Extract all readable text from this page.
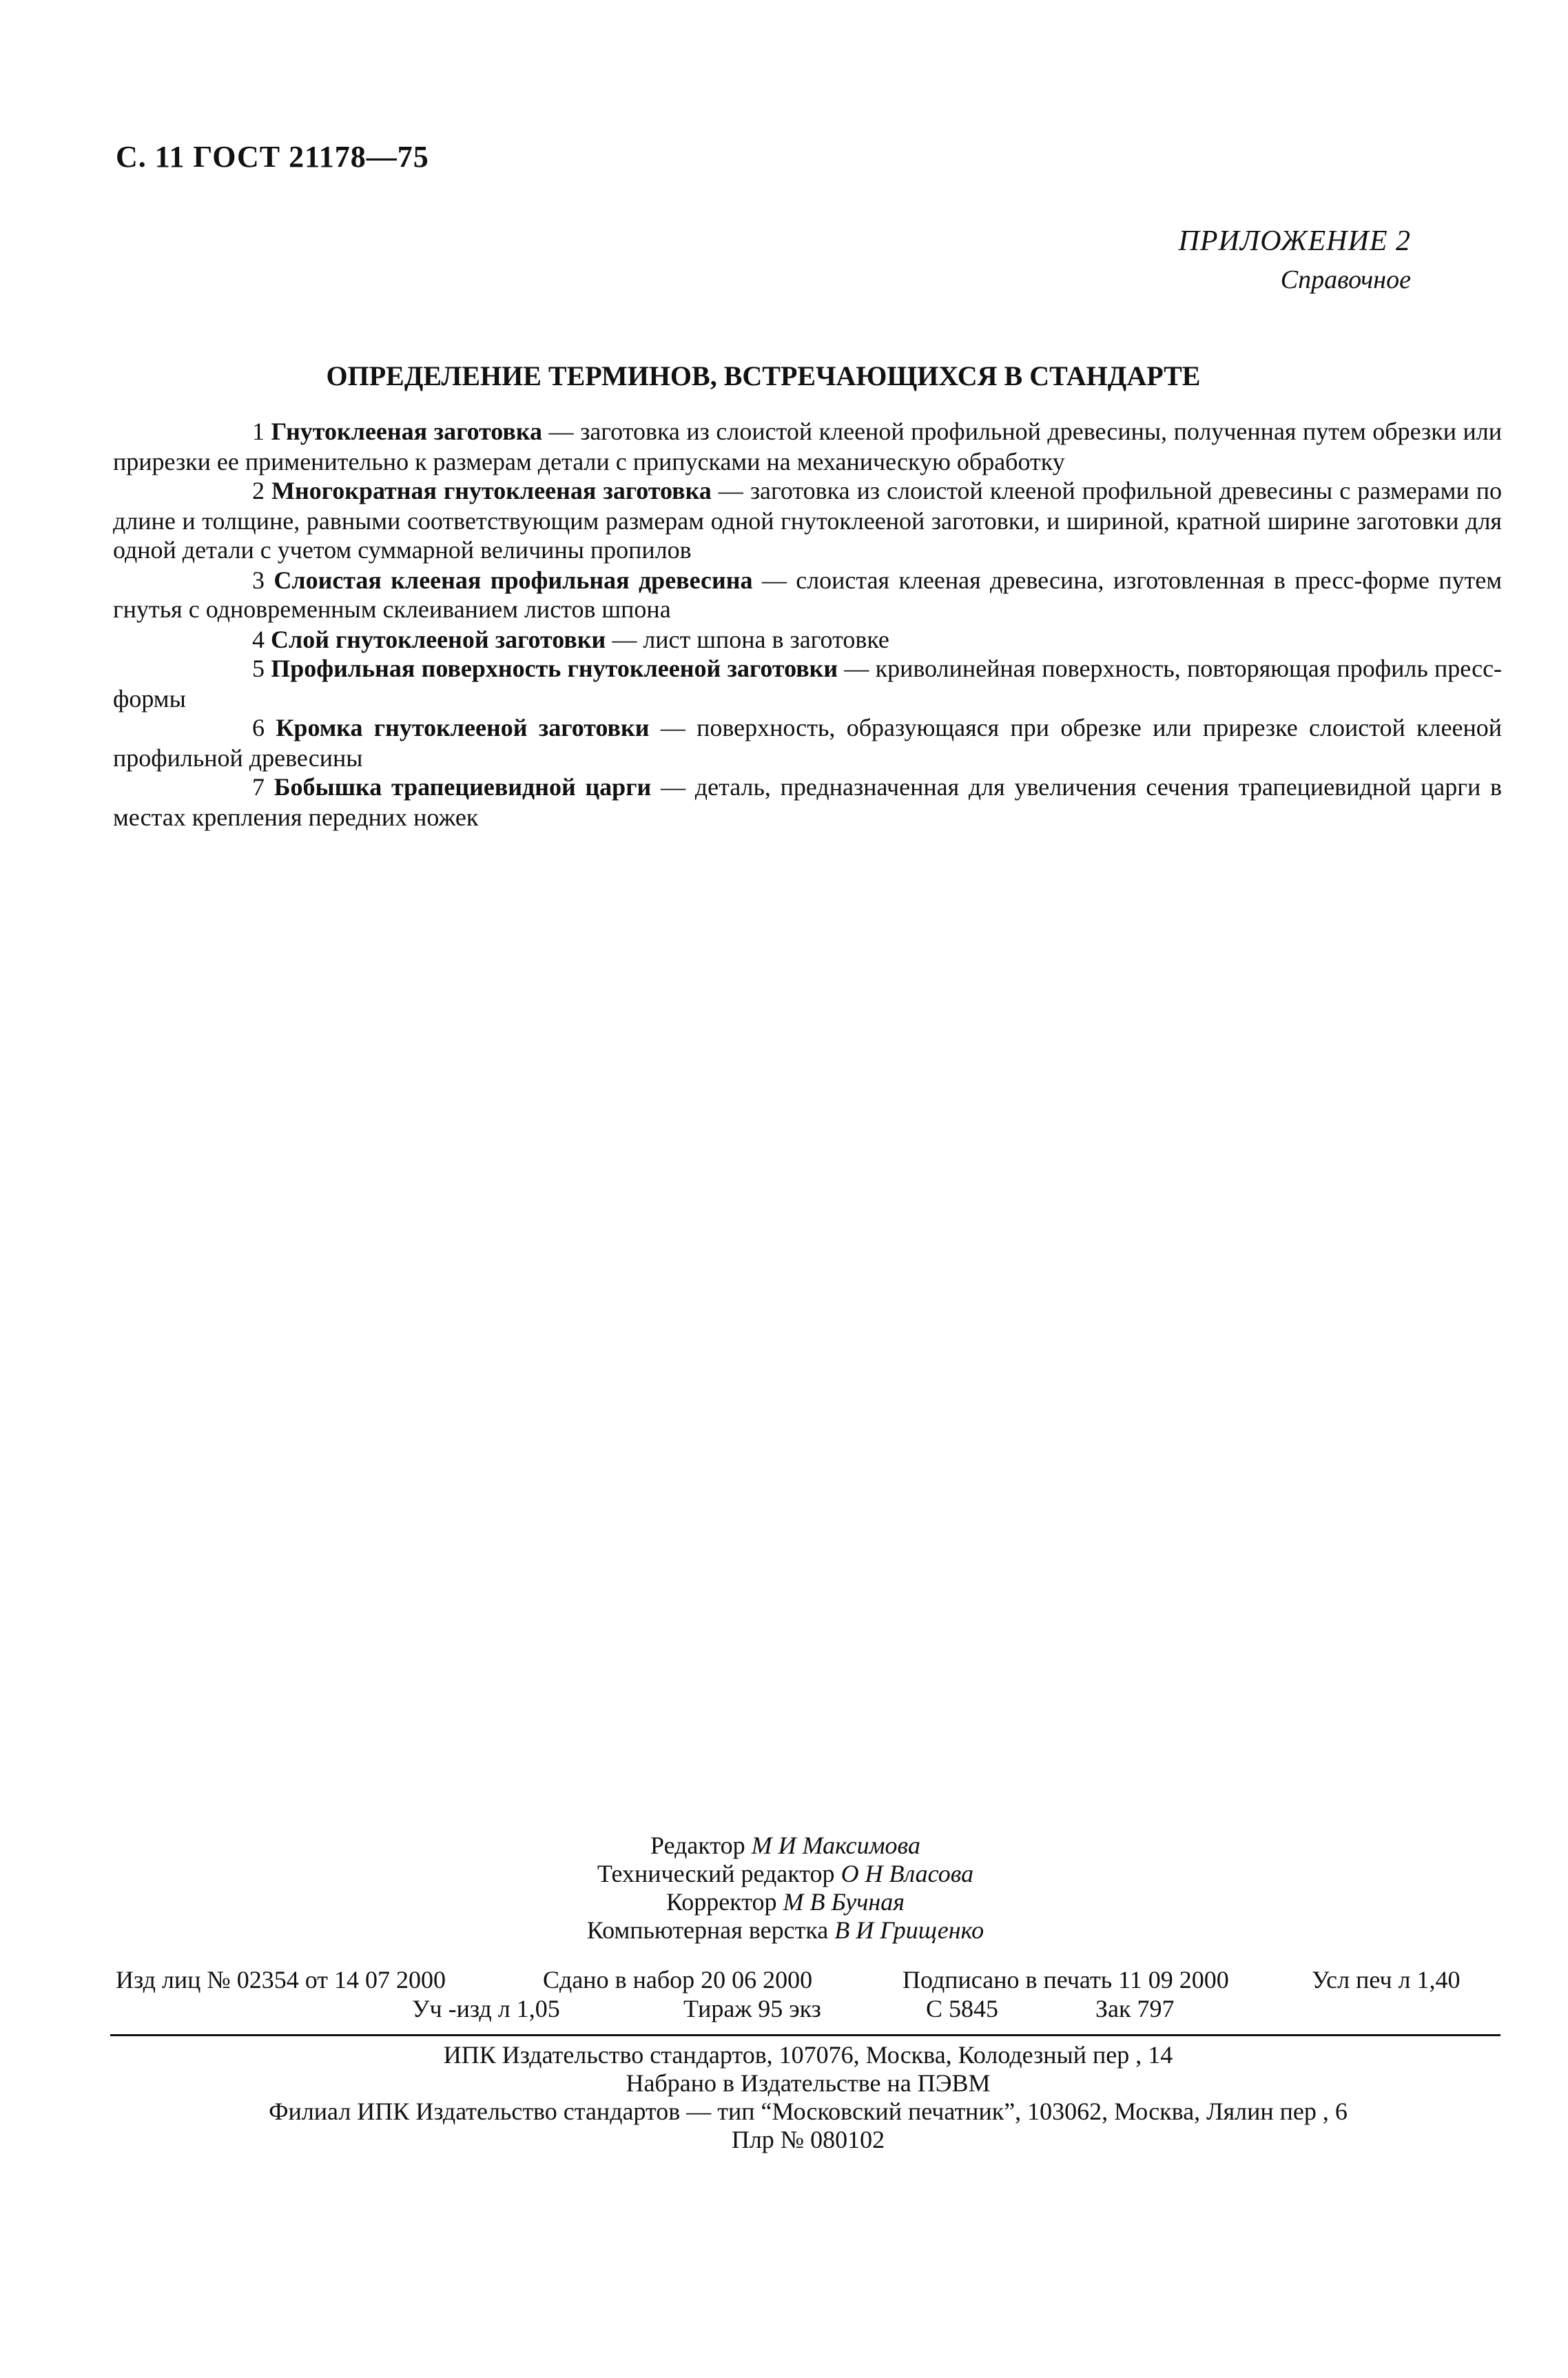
С. 11 ГОСТ 21178—75
ПРИЛОЖЕНИЕ 2
Справочное
ОПРЕДЕЛЕНИЕ ТЕРМИНОВ, ВСТРЕЧАЮЩИХСЯ В СТАНДАРТЕ

1 Гнутоклееная заготовка — заготовка из слоистой клееной профильной древесины, полученная путем обрезки или прирезки ее применительно к размерам детали с припусками на механическую обработку

2 Многократная гнутоклееная заготовка — заготовка из слоистой клееной профильной древесины с размерами по длине и толщине, равными соответствующим размерам одной гнутоклееной заготовки, и шириной, кратной ширине заготовки для одной детали с учетом суммарной величины пропилов

3 Слоистая клееная профильная древесина — слоистая клееная древесина, изготовленная в пресс-форме путем гнутья с одновременным склеиванием листов шпона

4 Слой гнутоклееной заготовки — лист шпона в заготовке

5 Профильная поверхность гнутоклееной заготовки — криволинейная поверхность, повторяющая профиль пресс-формы

6 Кромка гнутоклееной заготовки — поверхность, образующаяся при обрезке или прирезке слоистой клееной профильной древесины

7 Бобышка трапециевидной царги — деталь, предназначенная для увеличения сечения трапециевидной царги в местах крепления передних ножек

Редактор М И Максимова
Технический редактор О Н Власова
Корректор М В Бучная
Компьютерная верстка В И Грищенко
Изд лиц № 02354 от 14 07 2000	Сдано в набор 20 06 2000	Подписано в печать 11 09 2000	Усл печ л 1,40
Уч -изд л 1,05	Тираж 95 экз	С 5845	Зак 797
ИПК Издательство стандартов, 107076, Москва, Колодезный пер , 14
Набрано в Издательстве на ПЭВМ
Филиал ИПК Издательство стандартов — тип “Московский печатник”, 103062, Москва, Лялин пер , 6
Плр № 080102
